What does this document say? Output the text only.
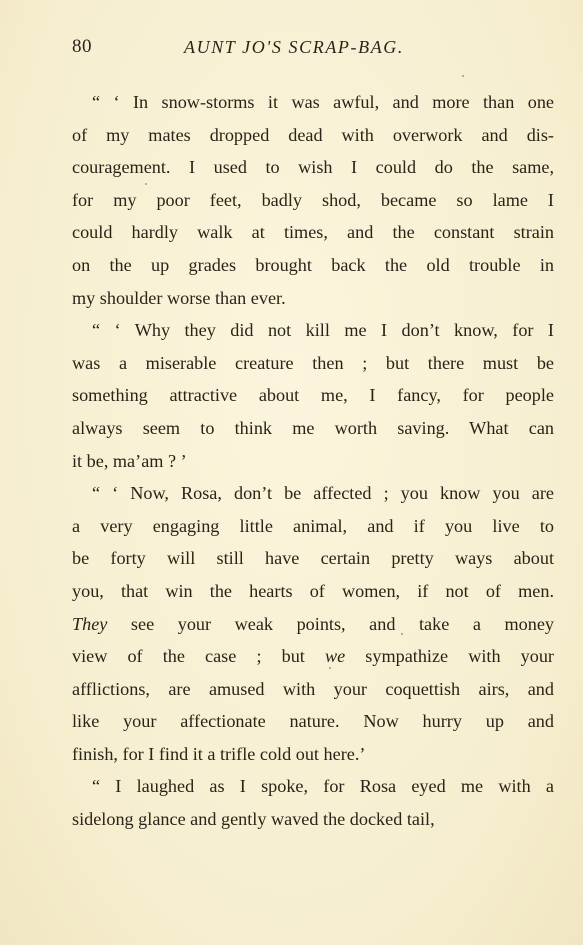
80	AUNT JO'S SCRAP-BAG.
“ ‘ In snow-storms it was awful, and more than one
of my mates dropped dead with overwork and dis-
couragement. I used to wish I could do the same,
for my poor feet, badly shod, became so lame I
could hardly walk at times, and the constant strain
on the up grades brought back the old trouble in
my shoulder worse than ever.
“ ‘ Why they did not kill me I don’t know, for I
was a miserable creature then ; but there must be
something attractive about me, I fancy, for people
always seem to think me worth saving. What can
it be, ma’am ? ’
“ ‘ Now, Rosa, don’t be affected ; you know you are
a very engaging little animal, and if you live to
be forty will still have certain pretty ways about
you, that win the hearts of women, if not of men.
They see your weak points, and take a money
view of the case ; but we sympathize with your
afflictions, are amused with your coquettish airs, and
like your affectionate nature. Now hurry up and
finish, for I find it a trifle cold out here.’
“ I laughed as I spoke, for Rosa eyed me with a
sidelong glance and gently waved the docked tail,
